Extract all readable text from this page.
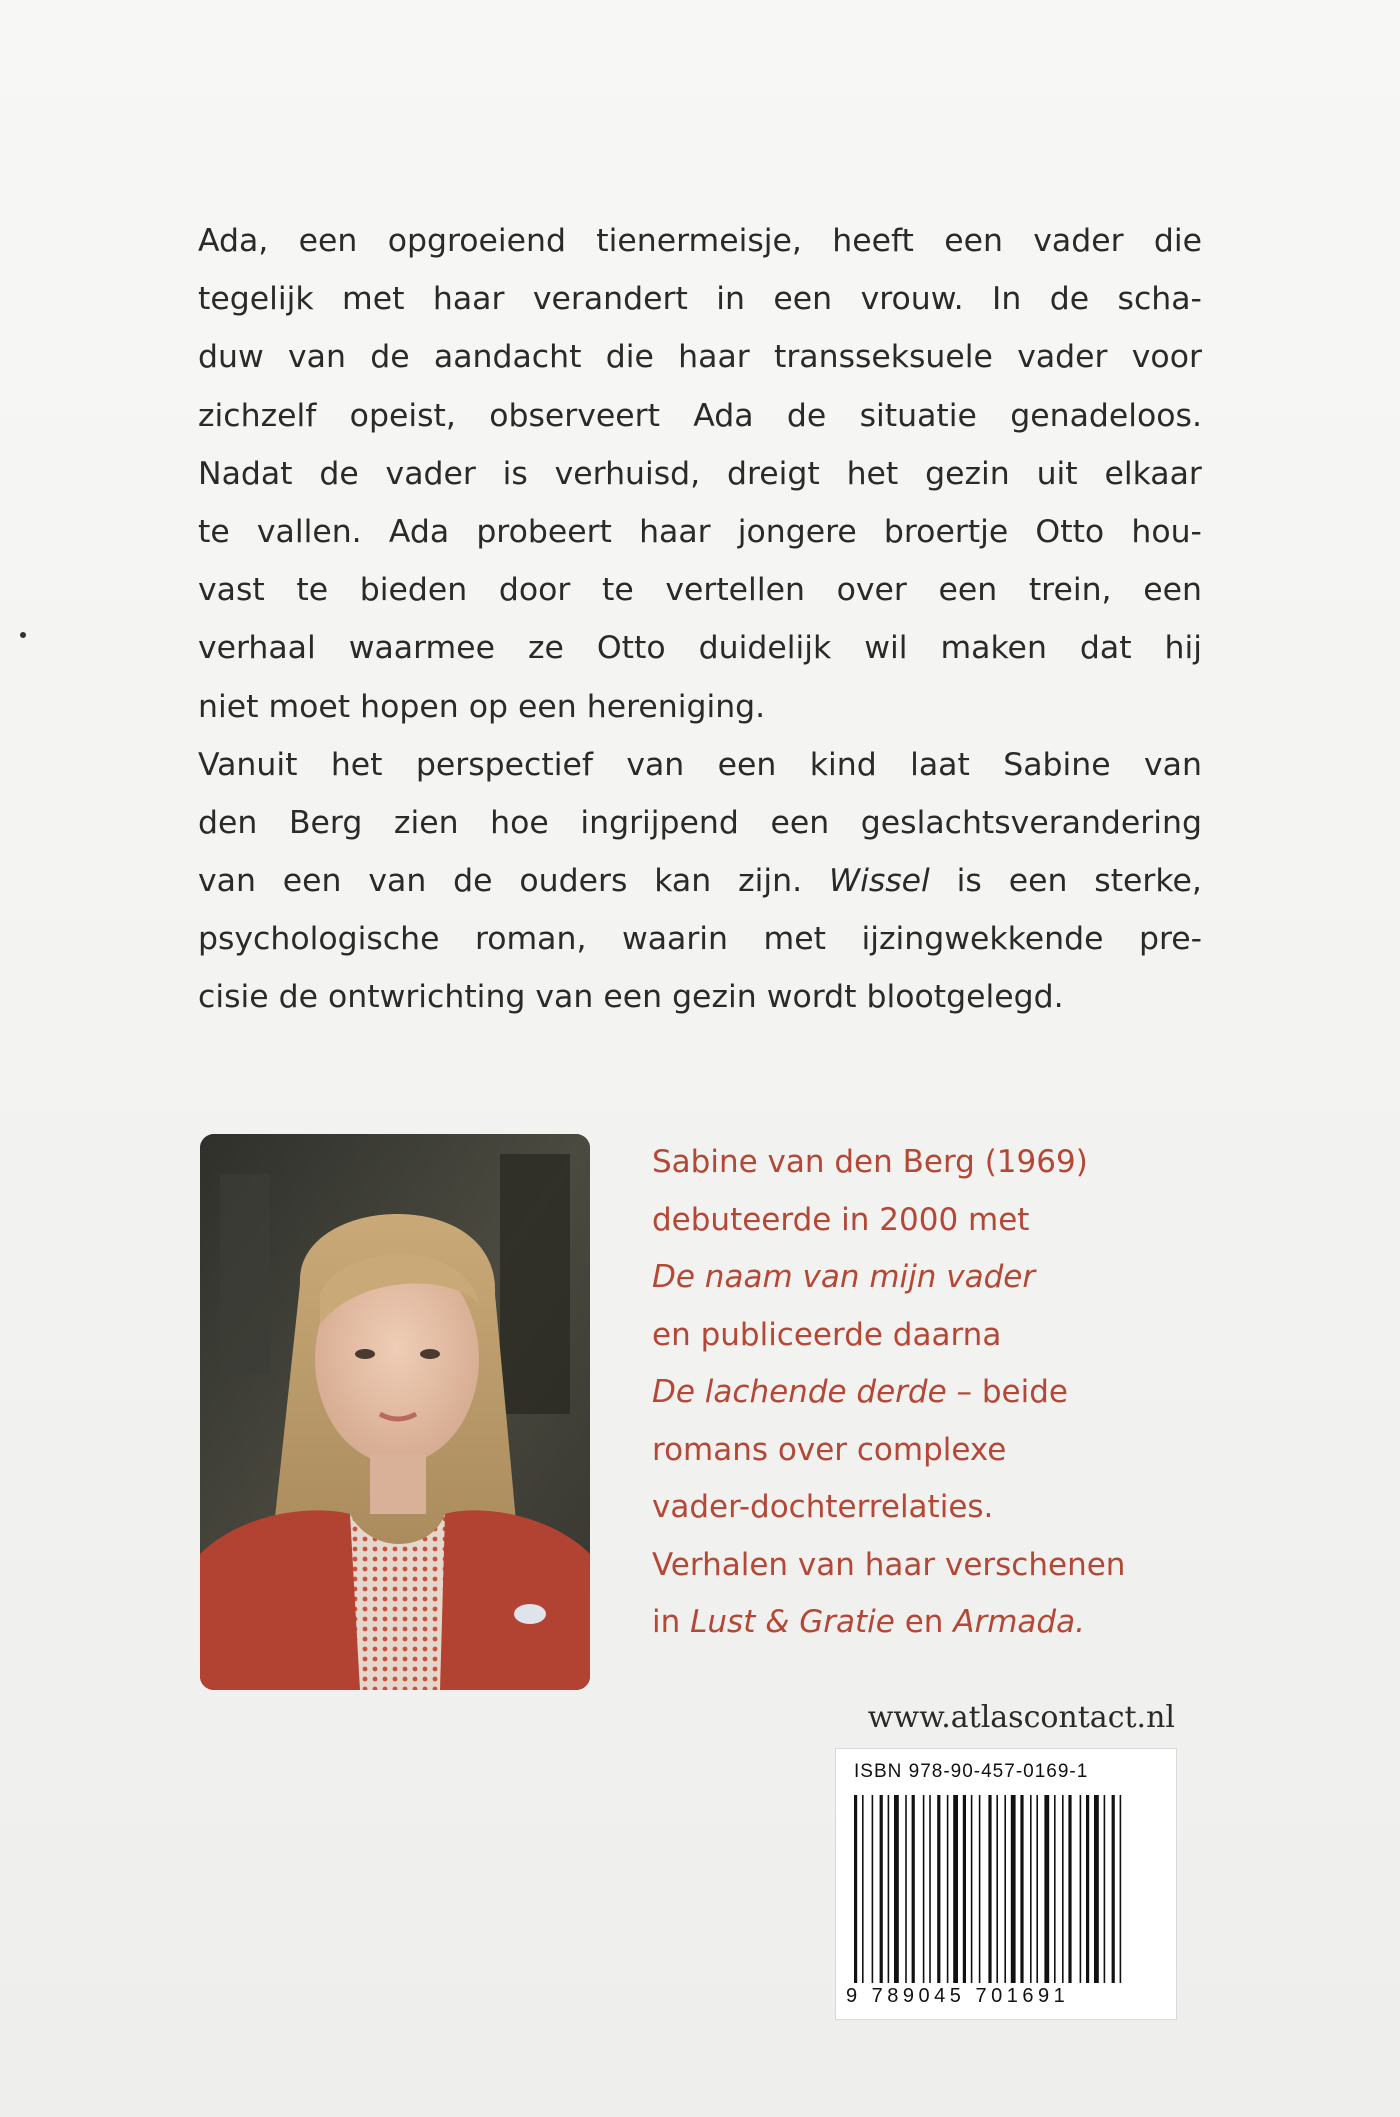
Ada, een opgroeiend tienermeisje, heeft een vader die
tegelijk met haar verandert in een vrouw. In de scha-
duw van de aandacht die haar transseksuele vader voor
zichzelf opeist, observeert Ada de situatie genadeloos.
Nadat de vader is verhuisd, dreigt het gezin uit elkaar
te vallen. Ada probeert haar jongere broertje Otto hou-
vast te bieden door te vertellen over een trein, een
verhaal waarmee ze Otto duidelijk wil maken dat hij
niet moet hopen op een hereniging.
Vanuit het perspectief van een kind laat Sabine van
den Berg zien hoe ingrijpend een geslachtsverandering
van een van de ouders kan zijn. Wissel is een sterke,
psychologische roman, waarin met ijzingwekkende pre-
cisie de ontwrichting van een gezin wordt blootgelegd.
Sabine van den Berg (1969)
debuteerde in 2000 met
De naam van mijn vader
en publiceerde daarna
De lachende derde – beide
romans over complexe
vader-dochterrelaties.
Verhalen van haar verschenen
in Lust & Gratie en Armada.
www.atlascontact.nl
ISBN 978-90-457-0169-1
9 789045 701691
